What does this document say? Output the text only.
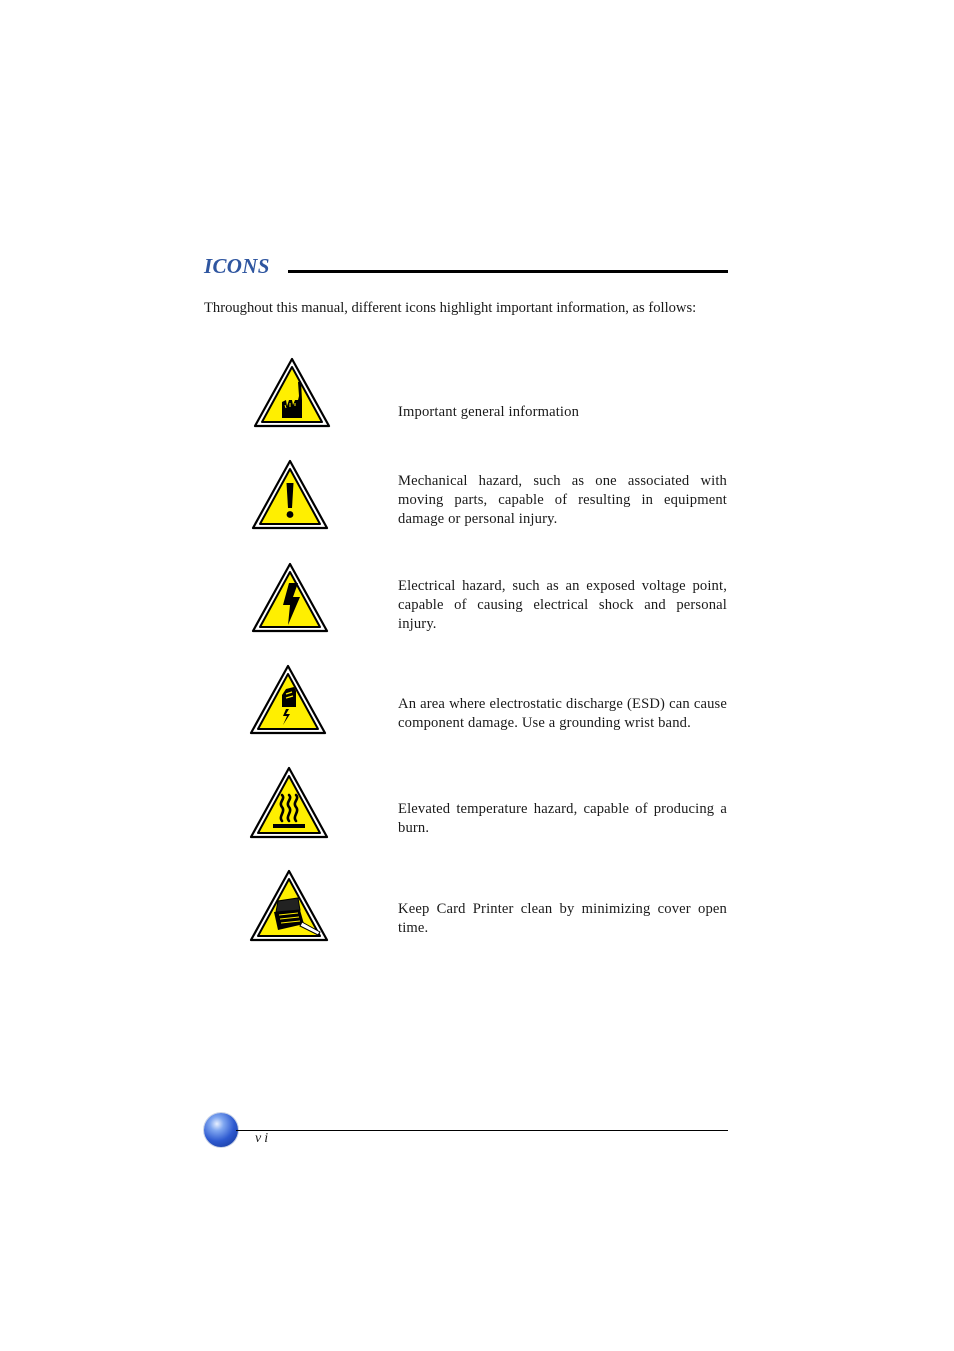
ICONS
Throughout this manual, different icons highlight important information, as follows:
Important general information
Mechanical hazard, such as one associated with moving parts, capable of resulting in equipment damage or personal injury.
Electrical hazard, such as an exposed voltage point, capable of causing electrical shock and personal injury.
An area where electrostatic discharge (ESD) can cause component damage. Use a grounding wrist band.
Elevated temperature hazard, capable of producing a burn.
Keep Card Printer clean by minimizing cover open time.
vi
